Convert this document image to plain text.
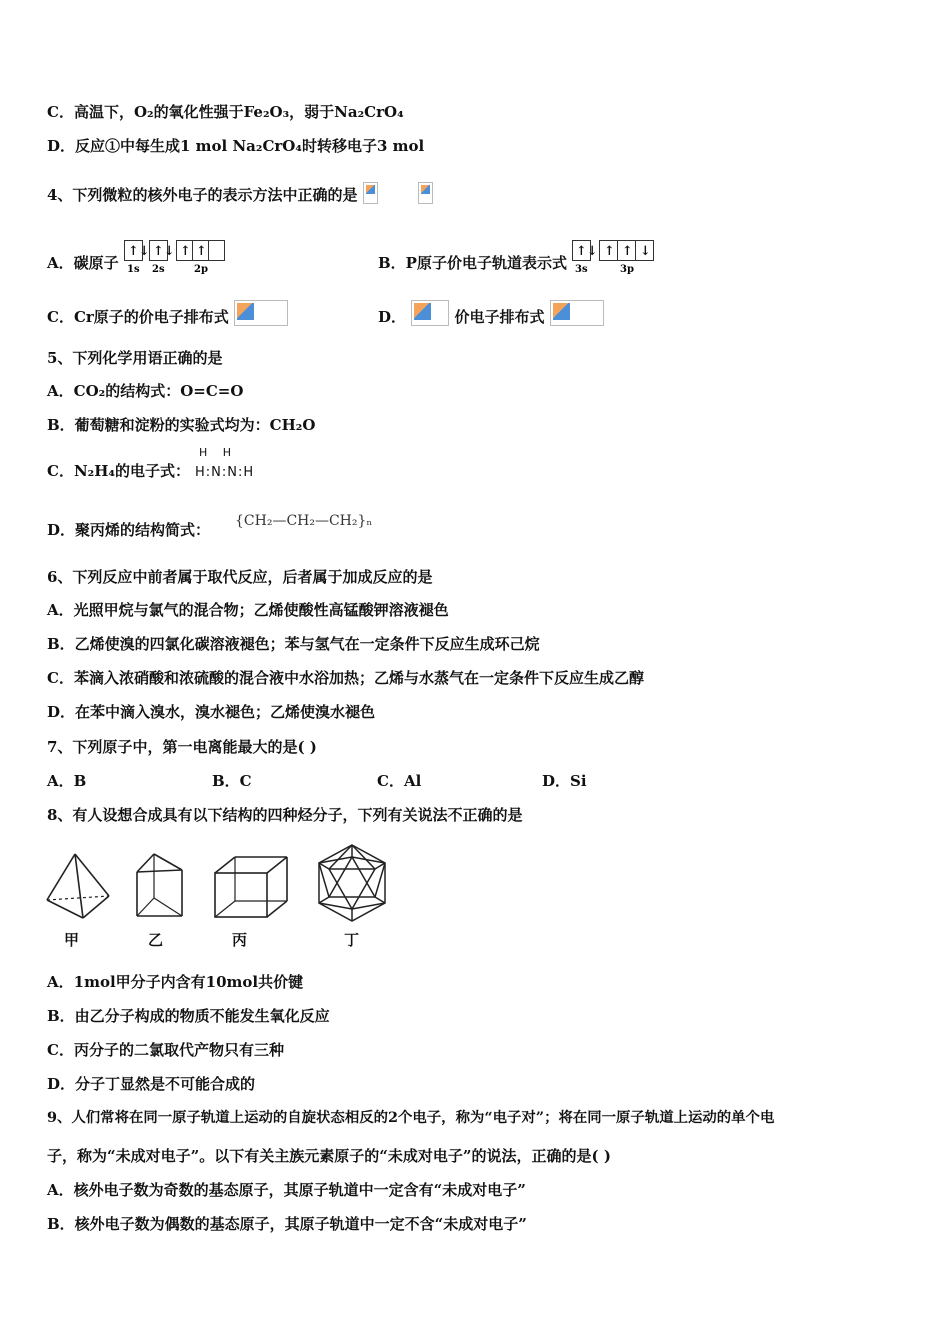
C．高温下，O₂的氧化性强于Fe₂O₃，弱于Na₂CrO₄
D．反应①中每生成1 mol Na₂CrO₄时转移电子3 mol
4、下列微粒的核外电子的表示方法中正确的是
A．碳原子
↑↓ ↑↓ ↑ ↑
1s 2s	2p	B．P原子价电子轨道表示式
↑↓ ↑ ↑ ↓
3s	3p
C．Cr原子的价电子排布式	D．	价电子排布式
5、下列化学用语正确的是
A．CO₂的结构式：O=C=O
B．葡萄糖和淀粉的实验式均为：CH₂O
C．N₂H₄的电子式：
H H
H:N:N:H
D．聚丙烯的结构简式： {CH₂—CH₂—CH₂}ₙ
6、下列反应中前者属于取代反应，后者属于加成反应的是
A．光照甲烷与氯气的混合物；乙烯使酸性高锰酸钾溶液褪色
B．乙烯使溴的四氯化碳溶液褪色；苯与氢气在一定条件下反应生成环己烷
C．苯滴入浓硝酸和浓硫酸的混合液中水浴加热；乙烯与水蒸气在一定条件下反应生成乙醇
D．在苯中滴入溴水，溴水褪色；乙烯使溴水褪色
7、下列原子中，第一电离能最大的是( )
A．B	B．C	C．Al	D．Si
8、有人设想合成具有以下结构的四种烃分子，下列有关说法不正确的是
甲	乙	丙	丁
A．1mol甲分子内含有10mol共价键
B．由乙分子构成的物质不能发生氧化反应
C．丙分子的二氯取代产物只有三种
D．分子丁显然是不可能合成的
9、人们常将在同一原子轨道上运动的自旋状态相反的2个电子，称为“电子对”；将在同一原子轨道上运动的单个电
子，称为“未成对电子”。以下有关主族元素原子的“未成对电子”的说法，正确的是( )
A．核外电子数为奇数的基态原子，其原子轨道中一定含有“未成对电子”
B．核外电子数为偶数的基态原子，其原子轨道中一定不含“未成对电子”
